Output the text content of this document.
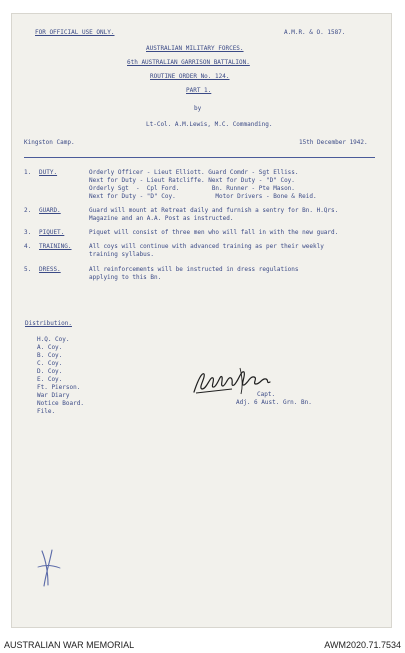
FOR OFFICIAL USE ONLY.	A.M.R. & O. 1587.
AUSTRALIAN MILITARY FORCES.
6th AUSTRALIAN GARRISON BATTALION.
ROUTINE ORDER No. 124.
PART 1.
by
Lt-Col. A.M.Lewis, M.C. Commanding.
Kingston Camp.	15th December 1942.
1. DUTY.	Orderly Officer - Lieut Elliott. Guard Comdr - Sgt Elliss.
Next for Duty - Lieut Ratcliffe. Next for Duty - "D" Coy.
Orderly Sgt  -  Cpl Ford.         Bn. Runner - Pte Mason.
Next for Duty - "D" Coy.           Motor Drivers - Bone & Reid.
2. GUARD.	Guard will mount at Retreat daily and furnish a sentry for Bn. H.Qrs.
Magazine and an A.A. Post as instructed.
3. PIQUET.	Piquet will consist of three men who will fall in with the new guard.
4. TRAINING.	All coys will continue with advanced training as per their weekly
training syllabus.
5. DRESS.	All reinforcements will be instructed in dress regulations
applying to this Bn.
Distribution.
H.Q. Coy.
A. Coy.
B. Coy.
C. Coy.
D. Coy.
E. Coy.
Ft. Pierson.
War Diary
Notice Board.
File.
Capt.
Adj. 6 Aust. Grn. Bn.
AUSTRALIAN WAR MEMORIAL	AWM2020.71.7534
